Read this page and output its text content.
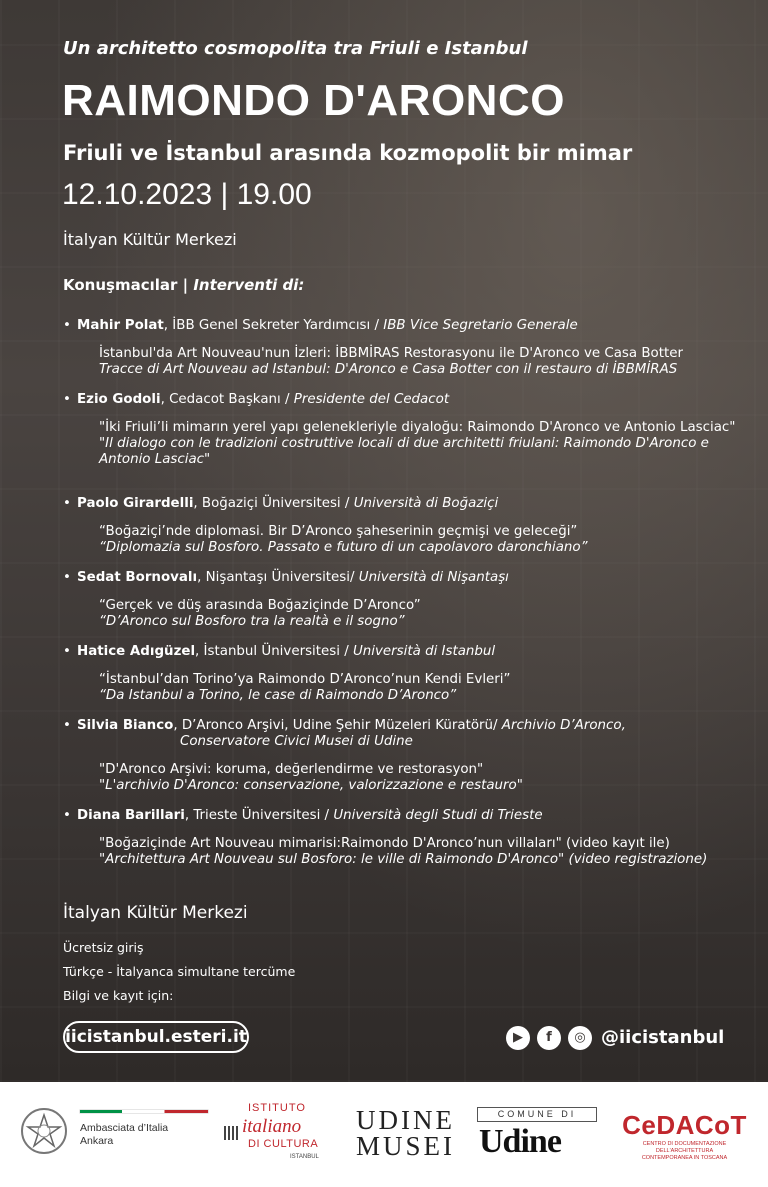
Un architetto cosmopolita tra Friuli e Istanbul
RAIMONDO D'ARONCO
Friuli ve İstanbul arasında kozmopolit bir mimar
12.10.2023 | 19.00
İtalyan Kültür Merkezi
Konuşmacılar | Interventi di:
• Mahir Polat, İBB Genel Sekreter Yardımcısı / IBB Vice Segretario Generale
İstanbul'da Art Nouveau'nun İzleri: İBBMİRAS Restorasyonu ile D'Aronco ve Casa Botter
Tracce di Art Nouveau ad Istanbul: D'Aronco e Casa Botter con il restauro di İBBMİRAS
• Ezio Godoli, Cedacot Başkanı / Presidente del Cedacot
"İki Friuli’li mimarın yerel yapı gelenekleriyle diyaloğu: Raimondo D'Aronco ve Antonio Lasciac"
"Il dialogo con le tradizioni costruttive locali di due architetti friulani: Raimondo D'Aronco e Antonio Lasciac"
• Paolo Girardelli, Boğaziçi Üniversitesi / Università di Boğaziçi
“Boğaziçi’nde diplomasi. Bir D’Aronco şaheserinin geçmişi ve geleceği”
“Diplomazia sul Bosforo. Passato e futuro di un capolavoro daronchiano”
• Sedat Bornovalı, Nişantaşı Üniversitesi/ Università di Nişantaşı
“Gerçek ve düş arasında Boğaziçinde D’Aronco”
“D’Aronco sul Bosforo tra la realtà e il sogno”
• Hatice Adıgüzel, İstanbul Üniversitesi / Università di Istanbul
“İstanbul’dan Torino’ya Raimondo D’Aronco’nun Kendi Evleri”
“Da Istanbul a Torino, le case di Raimondo D’Aronco”
• Silvia Bianco, D’Aronco Arşivi, Udine Şehir Müzeleri Küratörü/ Archivio D’Aronco,
Conservatore Civici Musei di Udine
"D'Aronco Arşivi: koruma, değerlendirme ve restorasyon"
"L'archivio D'Aronco: conservazione, valorizzazione e restauro"
• Diana Barillari, Trieste Üniversitesi / Università degli Studi di Trieste
"Boğaziçinde Art Nouveau mimarisi:Raimondo D'Aronco’nun villaları" (video kayıt ile)
"Architettura Art Nouveau sul Bosforo: le ville di Raimondo D'Aronco" (video registrazione)
İtalyan Kültür Merkezi
Ücretsiz giriş
Türkçe - İtalyanca simultane tercüme
Bilgi ve kayıt için:
iicistanbul.esteri.it	▶	f	◎ @iicistanbul
Ambasciata d’Italia
Ankara
ISTITUTO
italiano
DI CULTURA
ISTANBUL
UDINE
MUSEI
COMUNE DI
Udine	CeDACoT
CENTRO DI DOCUMENTAZIONE
DELL'ARCHITETTURA
CONTEMPORANEA IN TOSCANA
